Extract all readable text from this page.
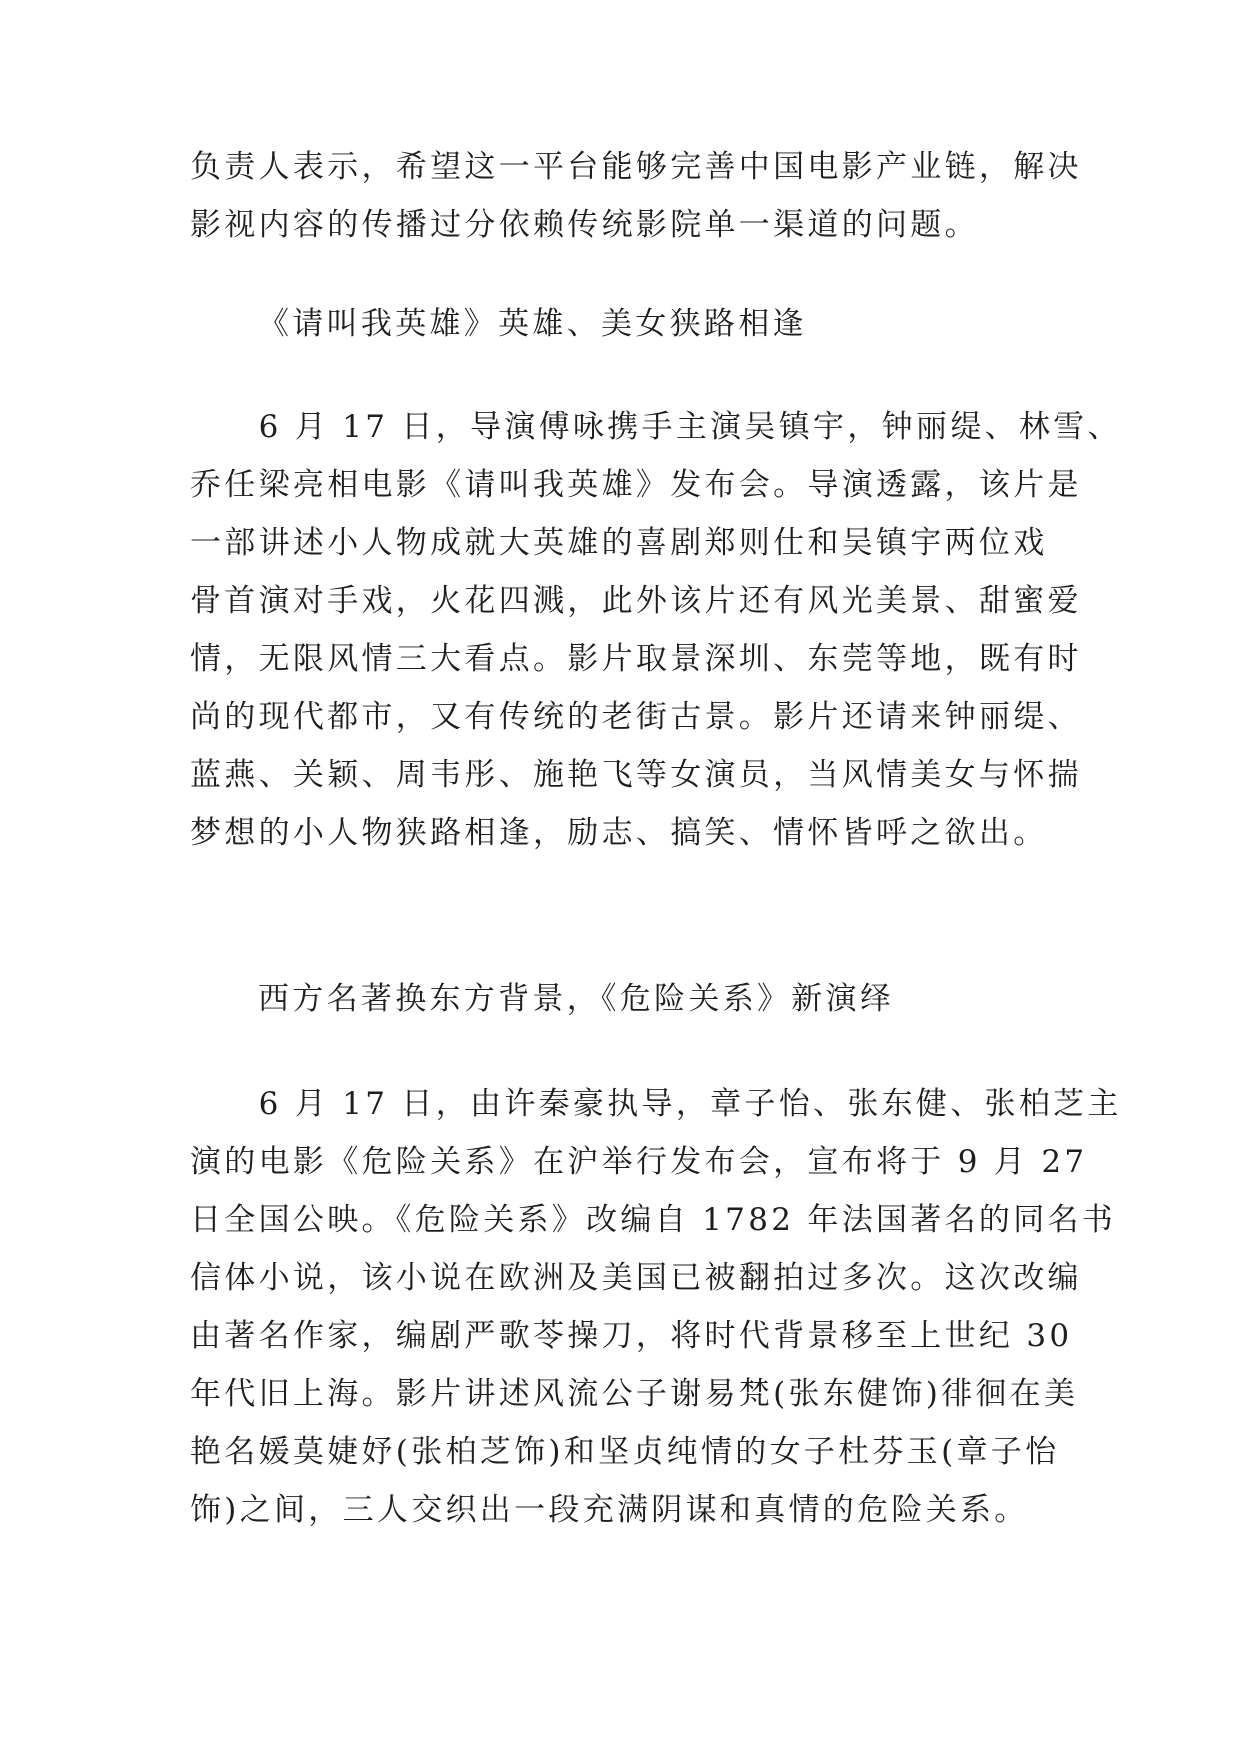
负责人表示，希望这一平台能够完善中国电影产业链，解决
影视内容的传播过分依赖传统影院单一渠道的问题。
《请叫我英雄》英雄、美女狭路相逢
　　6 月 17 日，导演傅咏携手主演吴镇宇，钟丽缇、林雪、
乔任梁亮相电影《请叫我英雄》发布会。导演透露，该片是
一部讲述小人物成就大英雄的喜剧郑则仕和吴镇宇两位戏
骨首演对手戏，火花四溅，此外该片还有风光美景、甜蜜爱
情，无限风情三大看点。影片取景深圳、东莞等地，既有时
尚的现代都市，又有传统的老街古景。影片还请来钟丽缇、
蓝燕、关颖、周韦彤、施艳飞等女演员，当风情美女与怀揣
梦想的小人物狭路相逢，励志、搞笑、情怀皆呼之欲出。
西方名著换东方背景，《危险关系》新演绎
　　6 月 17 日，由许秦豪执导，章子怡、张东健、张柏芝主
演的电影《危险关系》在沪举行发布会，宣布将于 9 月 27
日全国公映。《危险关系》改编自 1782 年法国著名的同名书
信体小说，该小说在欧洲及美国已被翻拍过多次。这次改编
由著名作家，编剧严歌苓操刀，将时代背景移至上世纪 30
年代旧上海。影片讲述风流公子谢易梵(张东健饰)徘徊在美
艳名媛莫婕妤(张柏芝饰)和坚贞纯情的女子杜芬玉(章子怡
饰)之间，三人交织出一段充满阴谋和真情的危险关系。
